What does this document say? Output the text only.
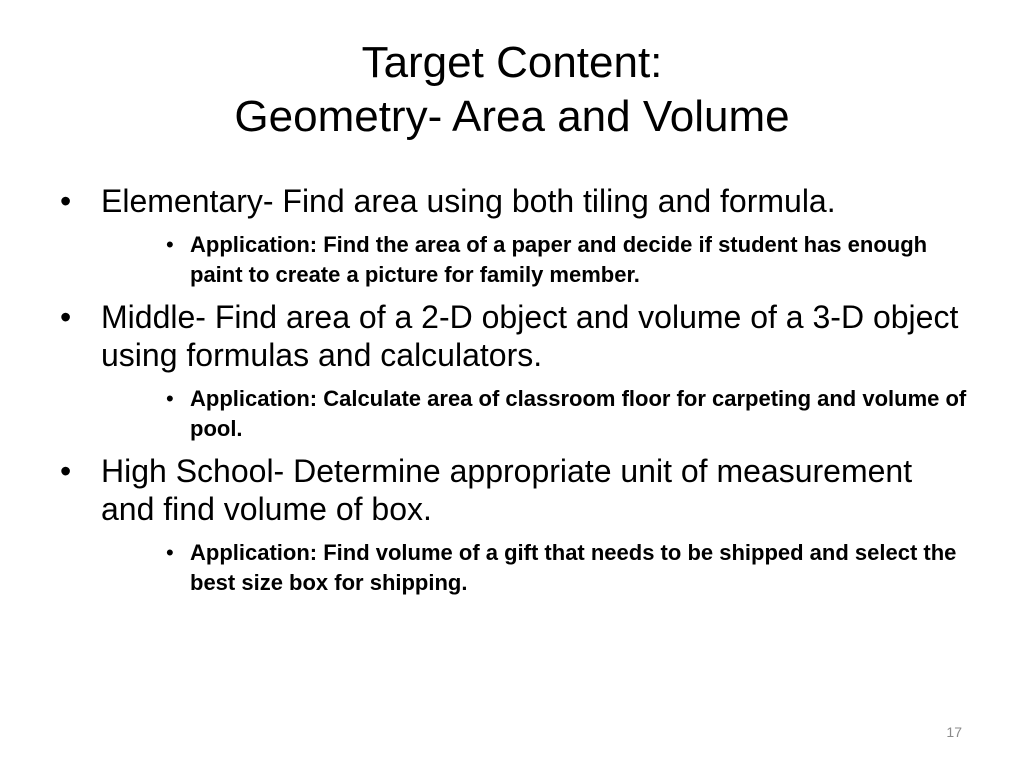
Target Content:
Geometry- Area and Volume

• Elementary- Find area using both tiling and formula.

• Application: Find the area of a paper and decide if student has enough paint to create a picture for family member.

• Middle- Find area of a 2-D object and volume of a 3-D object using formulas and calculators.

• Application: Calculate area of classroom floor for carpeting and volume of pool.

• High School- Determine appropriate unit of measurement and find volume of box.

• Application: Find volume of a gift that needs to be shipped and select the best size box for shipping.
17
